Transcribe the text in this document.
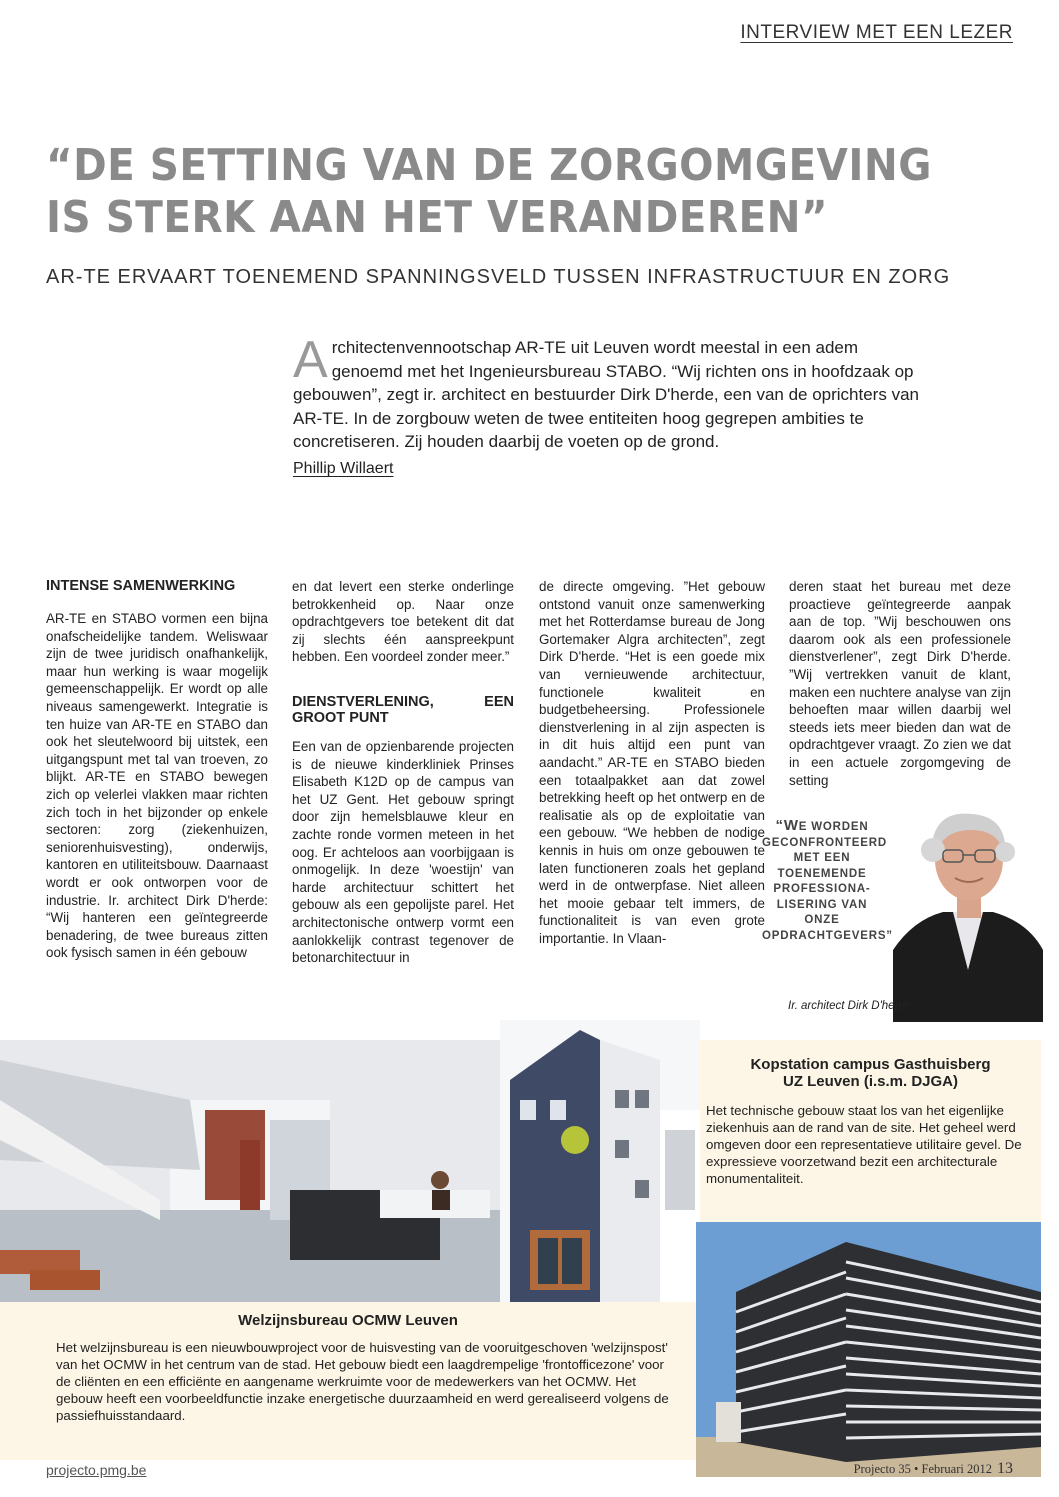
INTERVIEW MET EEN LEZER
“DE SETTING VAN DE ZORGOMGEVING
IS STERK AAN HET VERANDEREN”
AR-TE ERVAART TOENEMEND SPANNINGSVELD TUSSEN INFRASTRUCTUUR EN ZORG
Architectenvennootschap AR-TE uit Leuven wordt meestal in een adem genoemd met het Ingenieursbureau STABO. “Wij richten ons in hoofdzaak op gebouwen”, zegt ir. architect en bestuurder Dirk D'herde, een van de oprichters van AR-TE. In de zorgbouw weten de twee entiteiten hoog gegrepen ambities te concretiseren. Zij houden daarbij de voeten op de grond.
Phillip Willaert
INTENSE SAMENWERKING

AR-TE en STABO vormen een bijna onafscheidelijke tandem. Weliswaar zijn de twee juridisch onafhankelijk, maar hun werking is waar mogelijk gemeenschappelijk. Er wordt op alle niveaus samengewerkt. Integratie is ten huize van AR-TE en STABO dan ook het sleutelwoord bij uitstek, een uitgangspunt met tal van troeven, zo blijkt. AR-TE en STABO bewegen zich op velerlei vlakken maar richten zich toch in het bijzonder op enkele sectoren: zorg (ziekenhuizen, seniorenhuisvesting), onderwijs, kantoren en utiliteitsbouw. Daarnaast wordt er ook ontworpen voor de industrie. Ir. architect Dirk D'herde: “Wij hanteren een geïntegreerde benadering, de twee bureaus zitten ook fysisch samen in één gebouw

en dat levert een sterke onderlinge betrokkenheid op. Naar onze opdrachtgevers toe betekent dit dat zij slechts één aanspreekpunt hebben. Een voordeel zonder meer.”

DIENSTVERLENING, EEN GROOT PUNT

Een van de opzienbarende projecten is de nieuwe kinderkliniek Prinses Elisabeth K12D op de campus van het UZ Gent. Het gebouw springt door zijn hemelsblauwe kleur en zachte ronde vormen meteen in het oog. Er achteloos aan voorbijgaan is onmogelijk. In deze 'woestijn' van harde architectuur schittert het gebouw als een gepolijste parel. Het architectonische ontwerp vormt een aanlokkelijk contrast tegenover de betonarchitectuur in

de directe omgeving. ”Het gebouw ontstond vanuit onze samenwerking met het Rotterdamse bureau de Jong Gortemaker Algra architecten”, zegt Dirk D'herde. “Het is een goede mix van vernieuwende architectuur, functionele kwaliteit en budgetbeheersing. Professionele dienstverlening in al zijn aspecten is in dit huis altijd een punt van aandacht.” AR-TE en STABO bieden een totaalpakket aan dat zowel betrekking heeft op het ontwerp en de realisatie als op de exploitatie van een gebouw. “We hebben de nodige kennis in huis om onze gebouwen te laten functioneren zoals het gepland werd in de ontwerpfase. Niet alleen het mooie gebaar telt immers, de functionaliteit is van even grote importantie. In Vlaan-

deren staat het bureau met deze proactieve geïntegreerde aanpak aan de top. ”Wij beschouwen ons daarom ook als een professionele dienstverlener”, zegt Dirk D'herde. ”Wij vertrekken vanuit de klant, maken een nuchtere analyse van zijn behoeften maar willen daarbij wel steeds iets meer bieden dan wat de opdrachtgever vraagt. Zo zien we dat in een actuele zorgomgeving de setting

“WE WORDEN GECONFRONTEERD MET EEN TOENEMENDE PROFESSIONA- LISERING VAN ONZE OPDRACHTGEVERS”
Ir. architect Dirk D'herde
Welzijnsbureau OCMW Leuven
Het welzijnsbureau is een nieuwbouwproject voor de huisvesting van de vooruitgeschoven 'welzijnspost' van het OCMW in het centrum van de stad. Het gebouw biedt een laagdrempelige 'frontofficezone' voor de cliënten en een efficiënte en aangename werkruimte voor de medewerkers van het OCMW. Het gebouw heeft een voorbeeldfunctie inzake energetische duurzaamheid en werd gerealiseerd volgens de passiefhuisstandaard.
Kopstation campus Gasthuisberg
UZ Leuven (i.s.m. DJGA)
Het technische gebouw staat los van het eigenlijke ziekenhuis aan de rand van de site. Het geheel werd omgeven door een representatieve utilitaire gevel. De expressieve voorzetwand bezit een architecturale monumentaliteit.
projecto.pmg.be	Projecto 35 • Februari 2012 13
